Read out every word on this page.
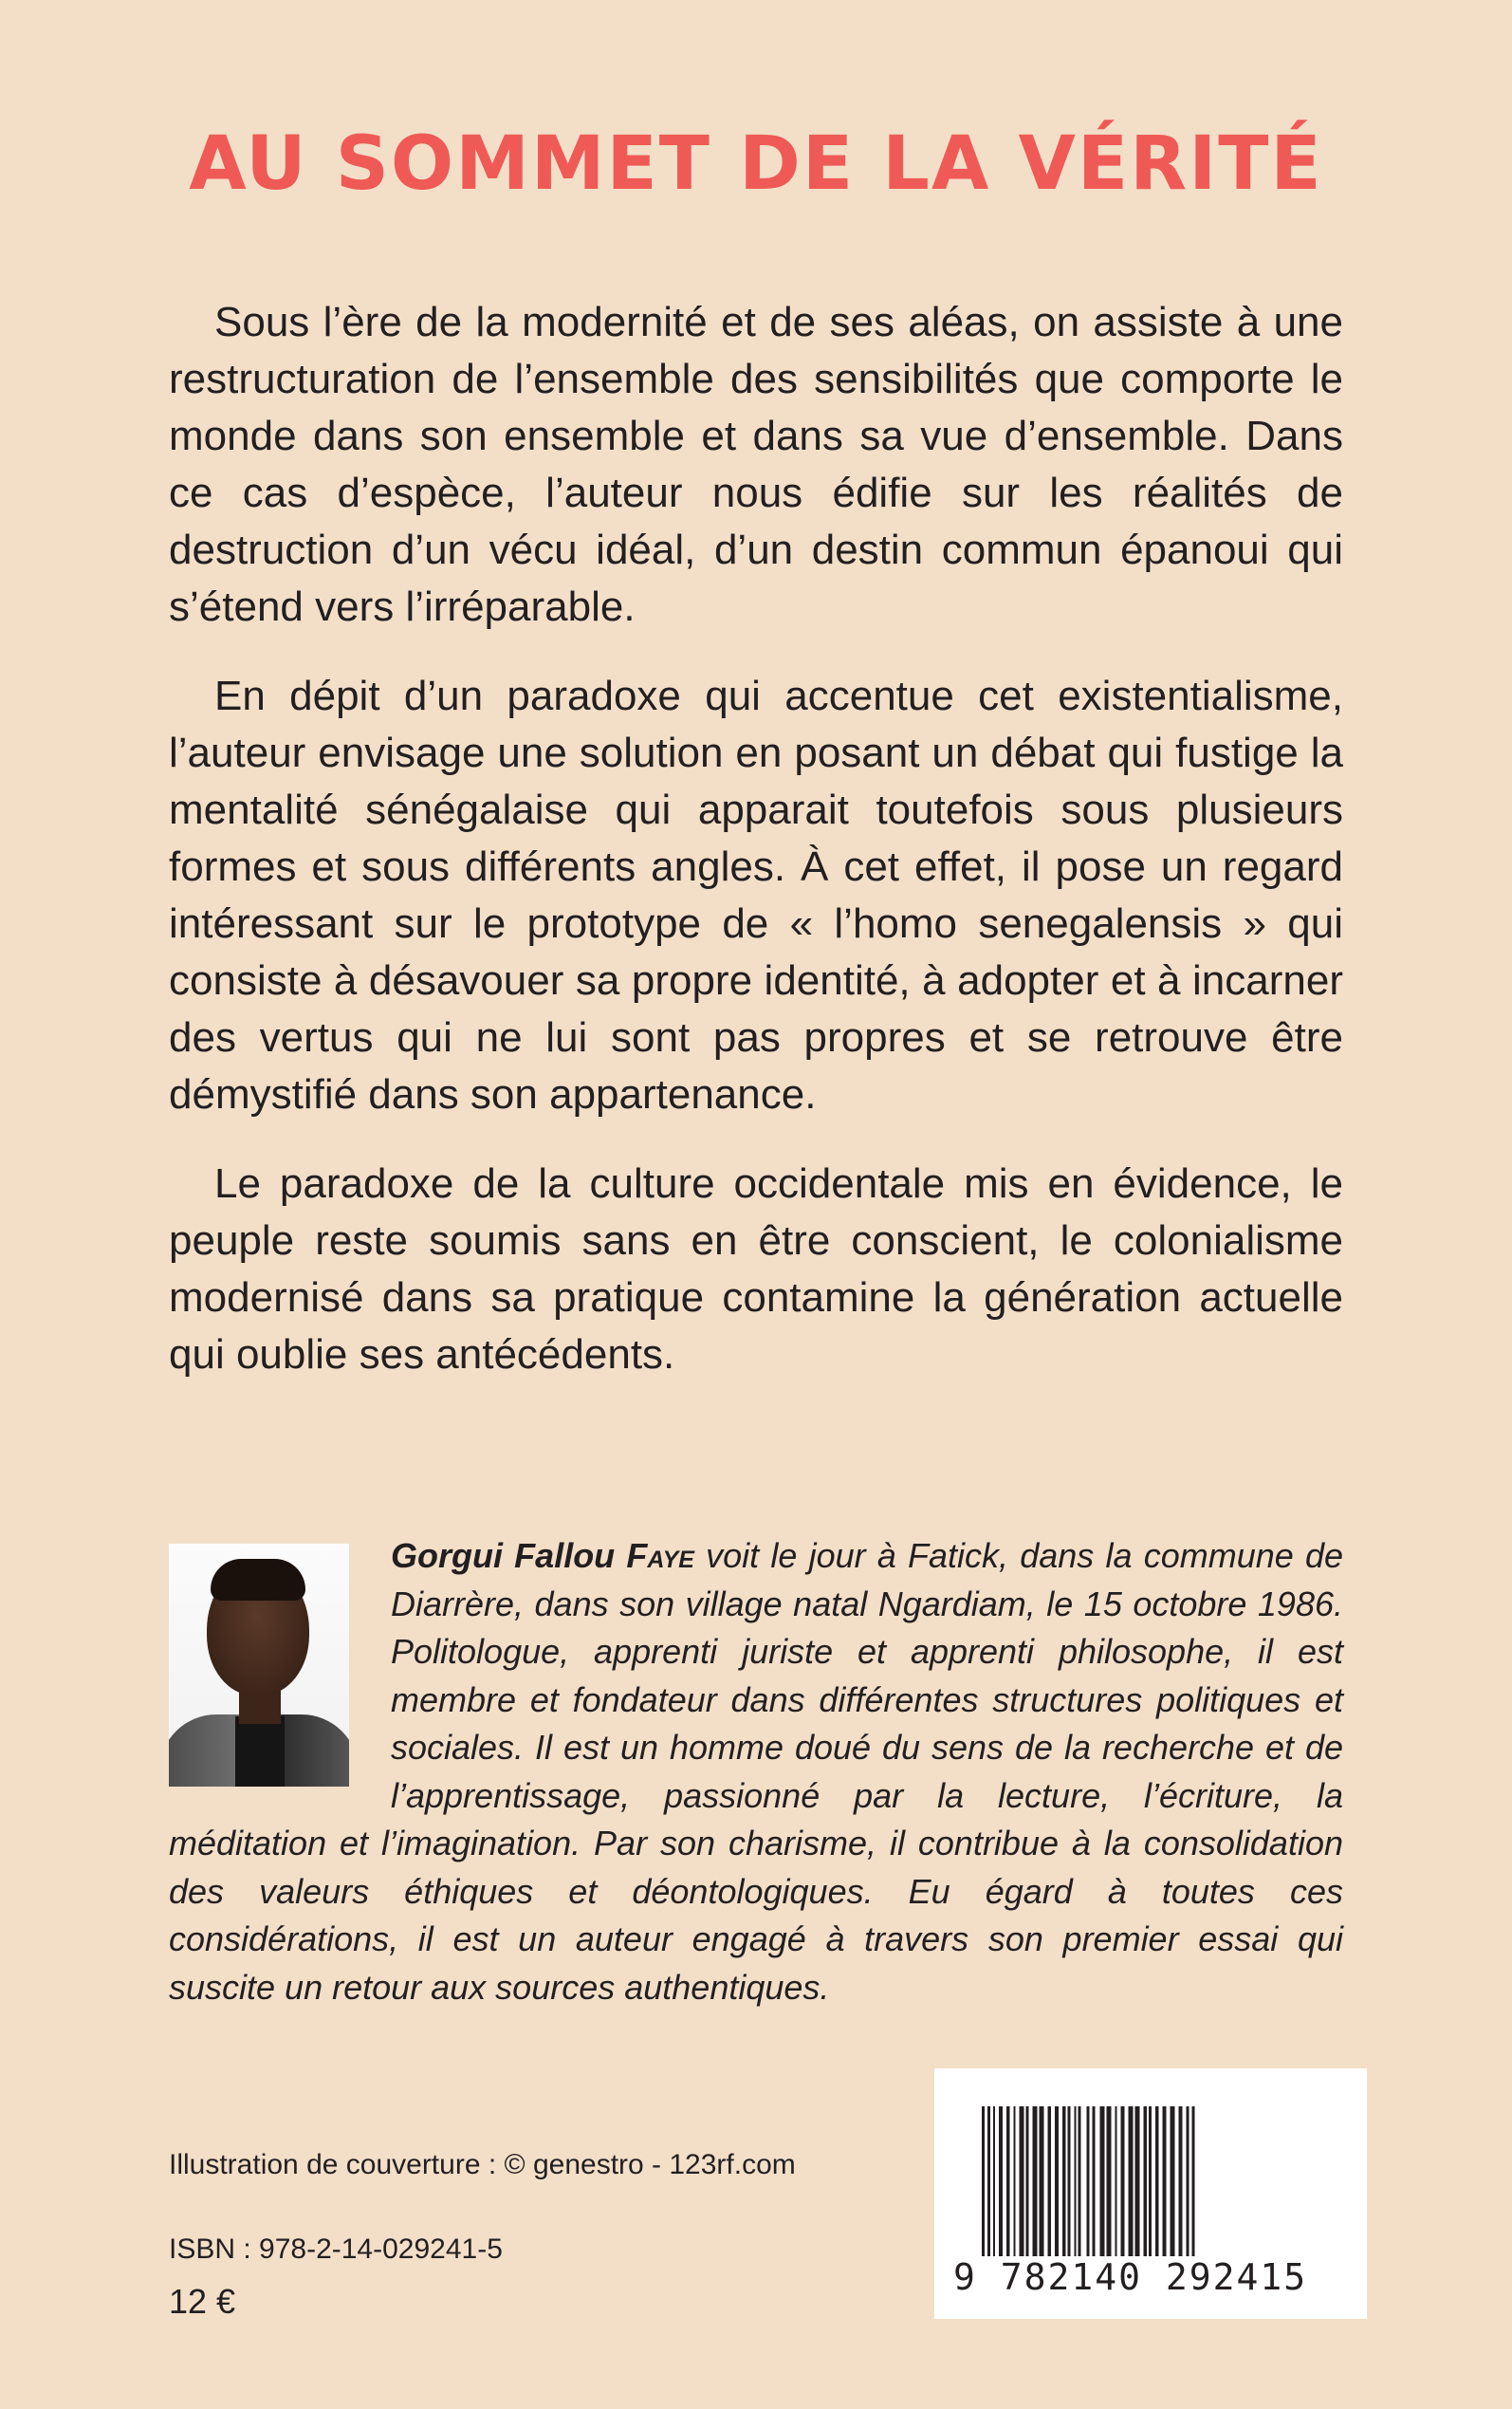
AU SOMMET DE LA VÉRITÉ

Sous l’ère de la modernité et de ses aléas, on assiste à une restructuration de l’ensemble des sensibilités que comporte le monde dans son ensemble et dans sa vue d’ensemble. Dans ce cas d’espèce, l’auteur nous édifie sur les réalités de destruction d’un vécu idéal, d’un destin commun épanoui qui s’étend vers l’irréparable.

En dépit d’un paradoxe qui accentue cet existentialisme, l’auteur envisage une solution en posant un débat qui fustige la mentalité sénégalaise qui apparait toutefois sous plusieurs formes et sous différents angles. À cet effet, il pose un regard intéressant sur le prototype de « l’homo senegalensis » qui consiste à désavouer sa propre identité, à adopter et à incarner des vertus qui ne lui sont pas propres et se retrouve être démystifié dans son appartenance.

Le paradoxe de la culture occidentale mis en évidence, le peuple reste soumis sans en être conscient, le colonialisme modernisé dans sa pratique contamine la génération actuelle qui oublie ses antécédents.

Gorgui Fallou Faye voit le jour à Fatick, dans la commune de Diarrère, dans son village natal Ngardiam, le 15 octobre 1986. Politologue, apprenti juriste et apprenti philosophe, il est membre et fondateur dans différentes structures politiques et sociales. Il est un homme doué du sens de la recherche et de l’apprentissage, passionné par la lecture, l’écriture, la méditation et l’imagination. Par son charisme, il contribue à la consolidation des valeurs éthiques et déontologiques. Eu égard à toutes ces considérations, il est un auteur engagé à travers son premier essai qui suscite un retour aux sources authentiques.

Illustration de couverture : © genestro - 123rf.com

ISBN : 978-2-14-029241-5

12 €

9 782140 292415
